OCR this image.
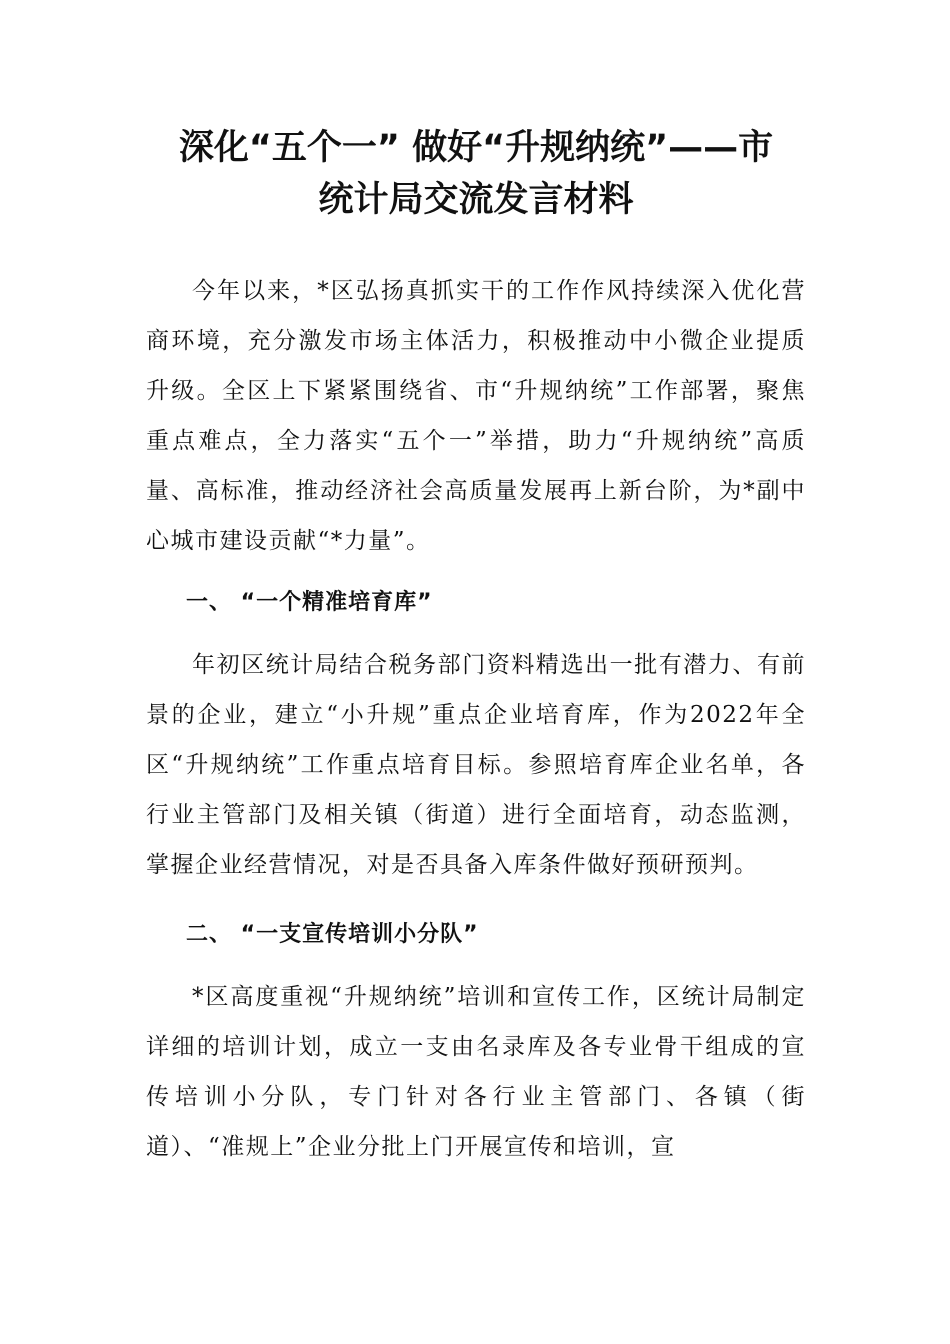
深化“五个一” 做好“升规纳统”——市
统计局交流发言材料

今年以来，*区弘扬真抓实干的工作作风持续深入优化营商环境，充分激发市场主体活力，积极推动中小微企业提质升级。全区上下紧紧围绕省、市“升规纳统”工作部署，聚焦重点难点，全力落实“五个一”举措，助力“升规纳统”高质量、高标准，推动经济社会高质量发展再上新台阶，为*副中心城市建设贡献“*力量”。

一、 “一个精准培育库”

年初区统计局结合税务部门资料精选出一批有潜力、有前景的企业，建立“小升规”重点企业培育库，作为2022年全区“升规纳统”工作重点培育目标。参照培育库企业名单，各行业主管部门及相关镇（街道）进行全面培育，动态监测，掌握企业经营情况，对是否具备入库条件做好预研预判。

二、 “一支宣传培训小分队”

*区高度重视“升规纳统”培训和宣传工作，区统计局制定详细的培训计划，成立一支由名录库及各专业骨干组成的宣传培训小分队，专门针对各行业主管部门、各镇（街道）、“准规上”企业分批上门开展宣传和培训，宣
